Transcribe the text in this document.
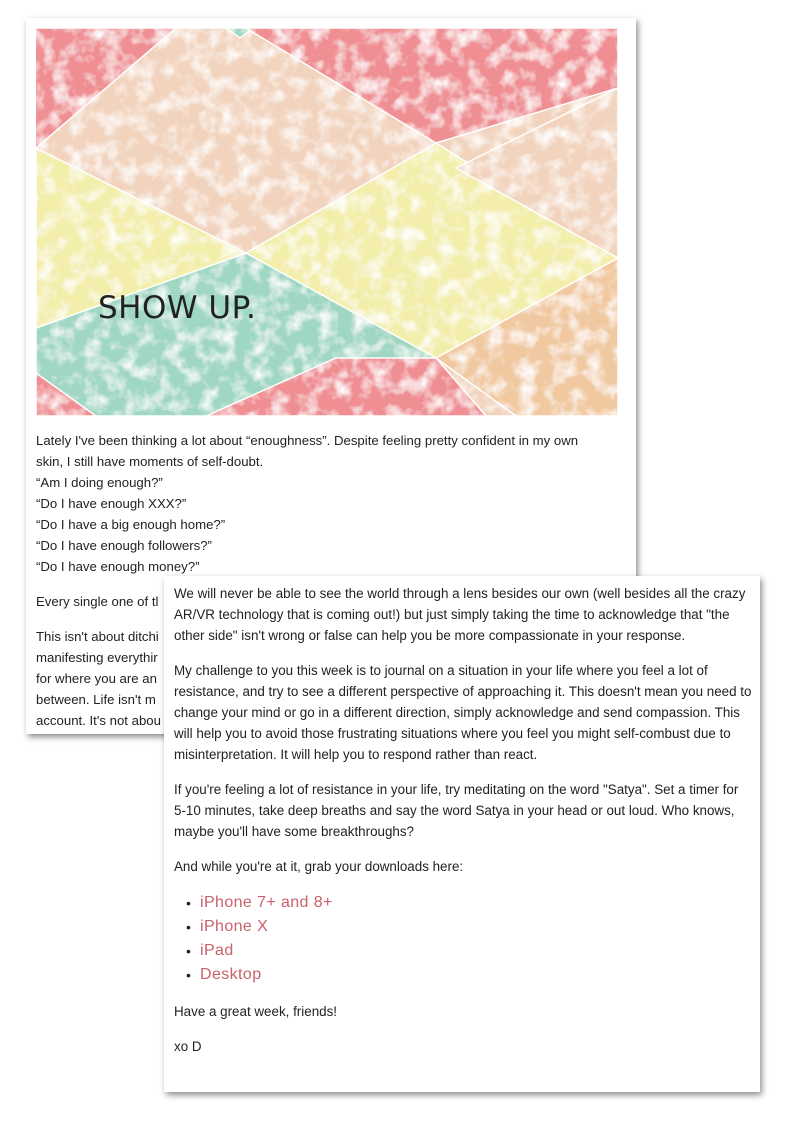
SHOW UP.

Lately I've been thinking a lot about “enoughness”. Despite feeling pretty confident in my own

skin, I still have moments of self-doubt.

“Am I doing enough?”

“Do I have enough XXX?”

“Do I have a big enough home?”

“Do I have enough followers?”

“Do I have enough money?”

Every single one of tl

This isn't about ditchi

manifesting everythir

for where you are an

between. Life isn't m

account. It's not abou

We will never be able to see the world through a lens besides our own (well besides all the crazy AR/VR technology that is coming out!) but just simply taking the time to acknowledge that "the other side" isn't wrong or false can help you be more compassionate in your response.

My challenge to you this week is to journal on a situation in your life where you feel a lot of resistance, and try to see a different perspective of approaching it. This doesn't mean you need to change your mind or go in a different direction, simply acknowledge and send compassion. This will help you to avoid those frustrating situations where you feel you might self-combust due to misinterpretation. It will help you to respond rather than react.

If you're feeling a lot of resistance in your life, try meditating on the word "Satya". Set a timer for 5-10 minutes, take deep breaths and say the word Satya in your head or out loud. Who knows, maybe you'll have some breakthroughs?

And while you're at it, grab your downloads here:

• iPhone 7+ and 8+
• iPhone X
• iPad
• Desktop

Have a great week, friends!

xo D
